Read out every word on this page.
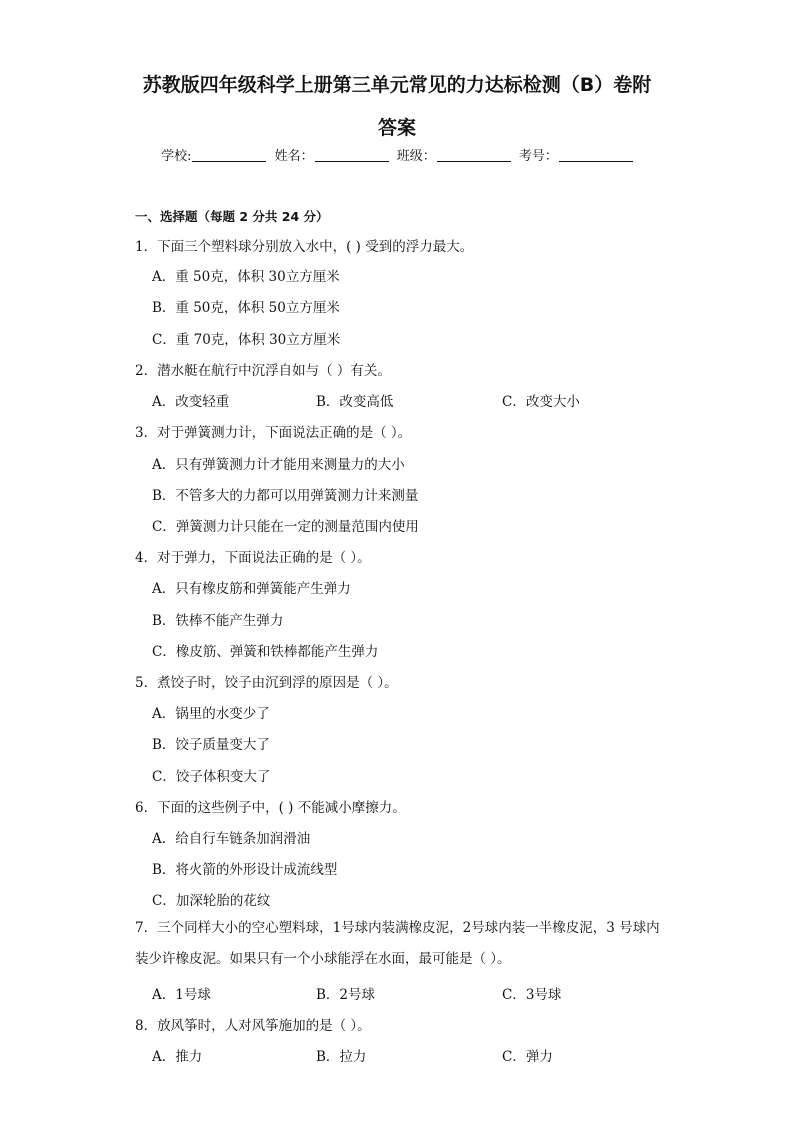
苏教版四年级科学上册第三单元常见的力达标检测（B）卷附
答案
学校:	姓名：	班级：	考号：
一、选择题（每题 2 分共 24 分）
1．下面三个塑料球分别放入水中，( ) 受到的浮力最大。
A．重 50克，体积 30立方厘米
B．重 50克，体积 50立方厘米
C．重 70克，体积 30立方厘米
2．潜水艇在航行中沉浮自如与（ ）有关。
A．改变轻重	B．改变高低	C．改变大小
3．对于弹簧测力计，下面说法正确的是（ ）。
A．只有弹簧测力计才能用来测量力的大小
B．不管多大的力都可以用弹簧测力计来测量
C．弹簧测力计只能在一定的测量范围内使用
4．对于弹力，下面说法正确的是（ ）。
A．只有橡皮筋和弹簧能产生弹力
B．铁棒不能产生弹力
C．橡皮筋、弹簧和铁棒都能产生弹力
5．煮饺子时，饺子由沉到浮的原因是（ ）。
A．锅里的水变少了
B．饺子质量变大了
C．饺子体积变大了
6．下面的这些例子中，( ) 不能减小摩擦力。
A．给自行车链条加润滑油
B．将火箭的外形设计成流线型
C．加深轮胎的花纹
7．三个同样大小的空心塑料球，1号球内装满橡皮泥，2号球内装一半橡皮泥，3 号球内装少许橡皮泥。如果只有一个小球能浮在水面，最可能是（ ）。
A．1号球	B．2号球	C．3号球
8．放风筝时，人对风筝施加的是（ ）。
A．推力	B．拉力	C．弹力
